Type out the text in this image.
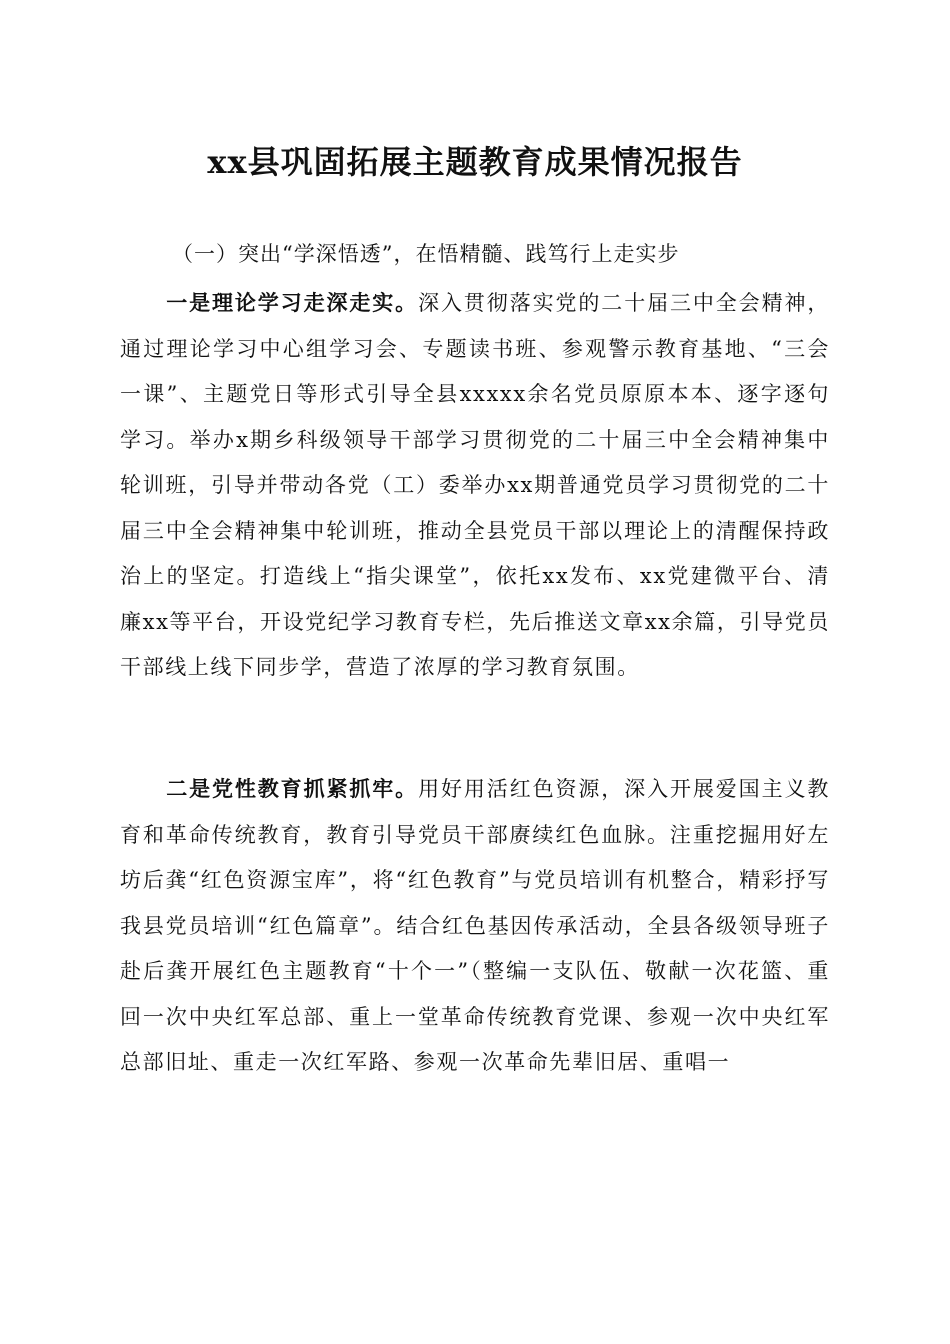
xx县巩固拓展主题教育成果情况报告

（一）突出“学深悟透”，在悟精髓、践笃行上走实步

一是理论学习走深走实。深入贯彻落实党的二十届三中全会精神，通过理论学习中心组学习会、专题读书班、参观警示教育基地、“三会一课”、主题党日等形式引导全县xxxxx余名党员原原本本、逐字逐句学习。举办x期乡科级领导干部学习贯彻党的二十届三中全会精神集中轮训班，引导并带动各党（工）委举办xx期普通党员学习贯彻党的二十届三中全会精神集中轮训班，推动全县党员干部以理论上的清醒保持政治上的坚定。打造线上“指尖课堂”，依托xx发布、xx党建微平台、清廉xx等平台，开设党纪学习教育专栏，先后推送文章xx余篇，引导党员干部线上线下同步学，营造了浓厚的学习教育氛围。

二是党性教育抓紧抓牢。用好用活红色资源，深入开展爱国主义教育和革命传统教育，教育引导党员干部赓续红色血脉。注重挖掘用好左坊后龚“红色资源宝库”，将“红色教育”与党员培训有机整合，精彩抒写我县党员培训“红色篇章”。结合红色基因传承活动，全县各级领导班子赴后龚开展红色主题教育“十个一”（整编一支队伍、敬献一次花篮、重回一次中央红军总部、重上一堂革命传统教育党课、参观一次中央红军总部旧址、重走一次红军路、参观一次革命先辈旧居、重唱一
